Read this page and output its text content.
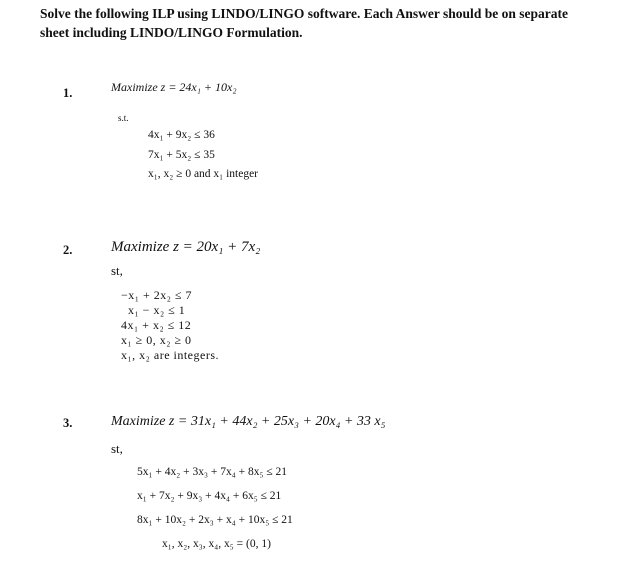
Solve the following ILP using LINDO/LINGO software. Each Answer should be on separate
sheet including LINDO/LINGO Formulation.
1.	Maximize z = 24x₁ + 10x₂
s.t.
4x₁ + 9x₂ ≤ 36
7x₁ + 5x₂ ≤ 35
x₁, x₂ ≥ 0 and x₁ integer
2.	Maximize z = 20x₁ + 7x₂
st,
−x₁ + 2x₂ ≤ 7
x₁ − x₂ ≤ 1
4x₁ + x₂ ≤ 12
x₁ ≥ 0, x₂ ≥ 0
x₁, x₂ are integers.
3.	Maximize z = 31x₁ + 44x₂ + 25x₃ + 20x₄ + 33 x₅
st,
5x₁ + 4x₂ + 3x₃ + 7x₄ + 8x₅ ≤ 21
x₁ + 7x₂ + 9x₃ + 4x₄ + 6x₅ ≤ 21
8x₁ + 10x₂ + 2x₃ + x₄ + 10x₅ ≤ 21
x₁, x₂, x₃, x₄, x₅ = (0, 1)
